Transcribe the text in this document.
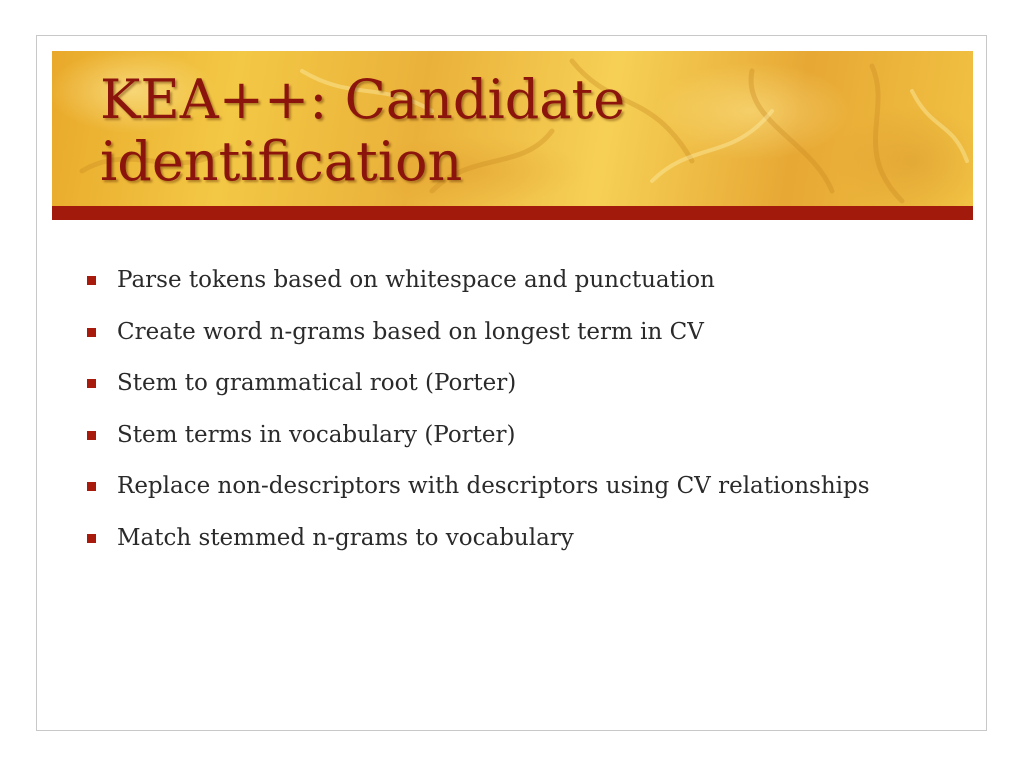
KEA++: Candidate
identification
Parse tokens based on whitespace and punctuation
Create word n-grams based on longest term in CV
Stem to grammatical root (Porter)
Stem terms in vocabulary (Porter)
Replace non-descriptors with descriptors using CV relationships
Match stemmed n-grams to vocabulary
